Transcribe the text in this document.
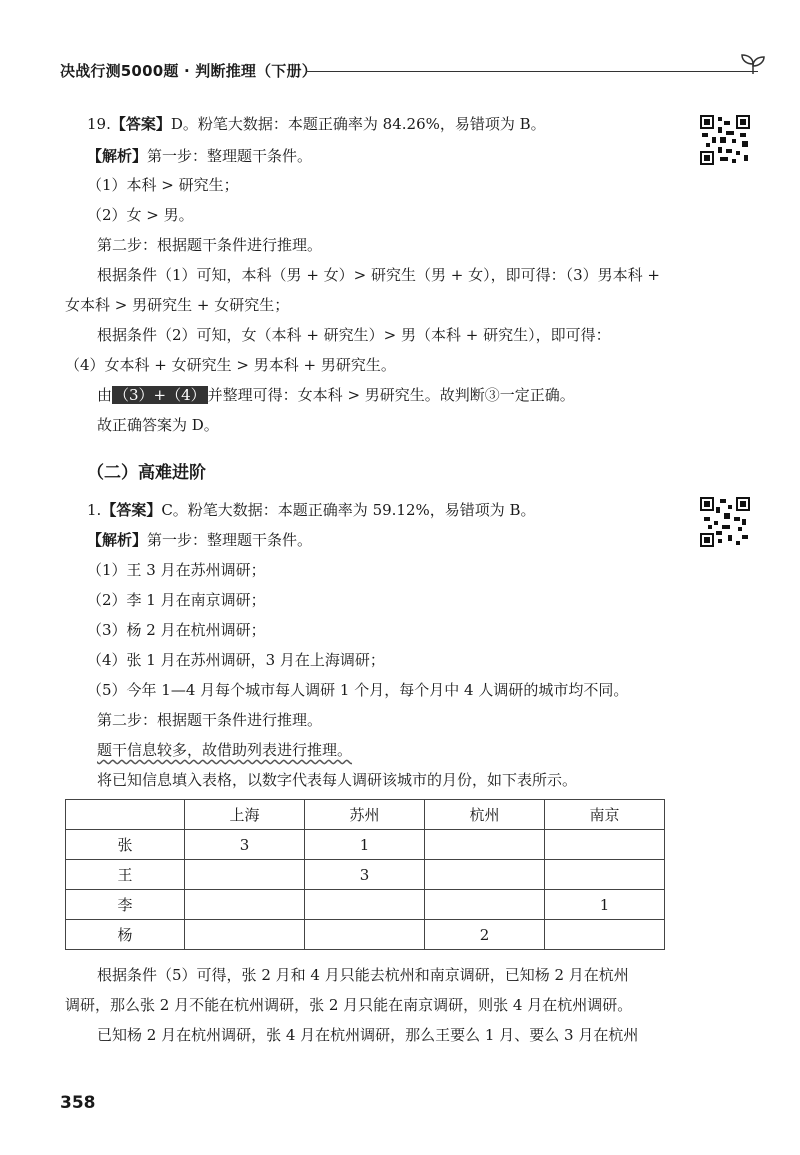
决战行测5000题 · 判断推理（下册）
19.【答案】D。粉笔大数据：本题正确率为 84.26%，易错项为 B。
【解析】第一步：整理题干条件。
（1）本科 > 研究生；
（2）女 > 男。
第二步：根据题干条件进行推理。
根据条件（1）可知，本科（男 + 女）> 研究生（男 + 女），即可得：（3）男本科 +
女本科 > 男研究生 + 女研究生；
根据条件（2）可知，女（本科 + 研究生）> 男（本科 + 研究生），即可得：
（4）女本科 + 女研究生 > 男本科 + 男研究生。
由 （3）+（4） 并整理可得：女本科 > 男研究生。故判断③一定正确。
故正确答案为 D。
（二）高难进阶
1.【答案】C。粉笔大数据：本题正确率为 59.12%，易错项为 B。
【解析】第一步：整理题干条件。
（1）王 3 月在苏州调研；
（2）李 1 月在南京调研；
（3）杨 2 月在杭州调研；
（4）张 1 月在苏州调研，3 月在上海调研；
（5）今年 1—4 月每个城市每人调研 1 个月，每个月中 4 人调研的城市均不同。
第二步：根据题干条件进行推理。
题干信息较多，故借助列表进行推理。
将已知信息填入表格，以数字代表每人调研该城市的月份，如下表所示。
	上海	苏州	杭州	南京
张	3	1		
王		3		
李				1
杨			2	
根据条件（5）可得，张 2 月和 4 月只能去杭州和南京调研，已知杨 2 月在杭州
调研，那么张 2 月不能在杭州调研，张 2 月只能在南京调研，则张 4 月在杭州调研。
已知杨 2 月在杭州调研，张 4 月在杭州调研，那么王要么 1 月、要么 3 月在杭州
358
